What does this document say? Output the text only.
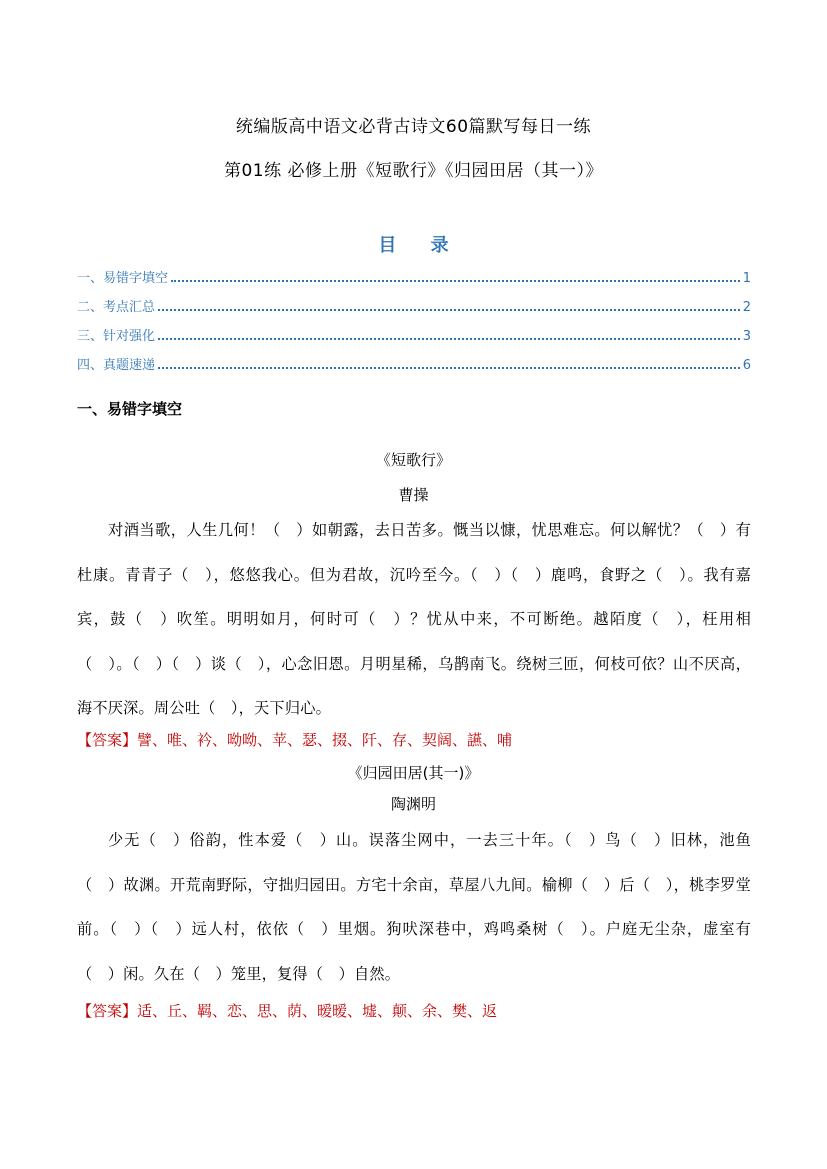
统编版高中语文必背古诗文60篇默写每日一练
第01练 必修上册《短歌行》《归园田居（其一）》
目 录
一、易错字填空	1
二、考点汇总	2
三、针对强化	3
四、真题速递	6
一、易错字填空
《短歌行》
曹操
对酒当歌，人生几何！（　）如朝露，去日苦多。慨当以慷，忧思难忘。何以解忧？（　）有杜康。青青子（　），悠悠我心。但为君故，沉吟至今。（　）（　）鹿鸣，食野之（　）。我有嘉宾，鼓（　）吹笙。明明如月，何时可（　）？忧从中来，不可断绝。越陌度（　），枉用相（　）。（　）（　）谈（　），心念旧恩。月明星稀，乌鹊南飞。绕树三匝，何枝可依？山不厌高，海不厌深。周公吐（　），天下归心。
【答案】譬、唯、衿、呦呦、苹、瑟、掇、阡、存、契阔、讌、哺
《归园田居(其一)》
陶渊明
少无（　）俗韵，性本爱（　）山。误落尘网中，一去三十年。（　）鸟（　）旧林，池鱼（　）故渊。开荒南野际，守拙归园田。方宅十余亩，草屋八九间。榆柳（　）后（　），桃李罗堂前。（　）（　）远人村，依依（　）里烟。狗吠深巷中，鸡鸣桑树（　）。户庭无尘杂，虚室有（　）闲。久在（　）笼里，复得（　）自然。
【答案】适、丘、羁、恋、思、荫、暧暧、墟、颠、余、樊、返
